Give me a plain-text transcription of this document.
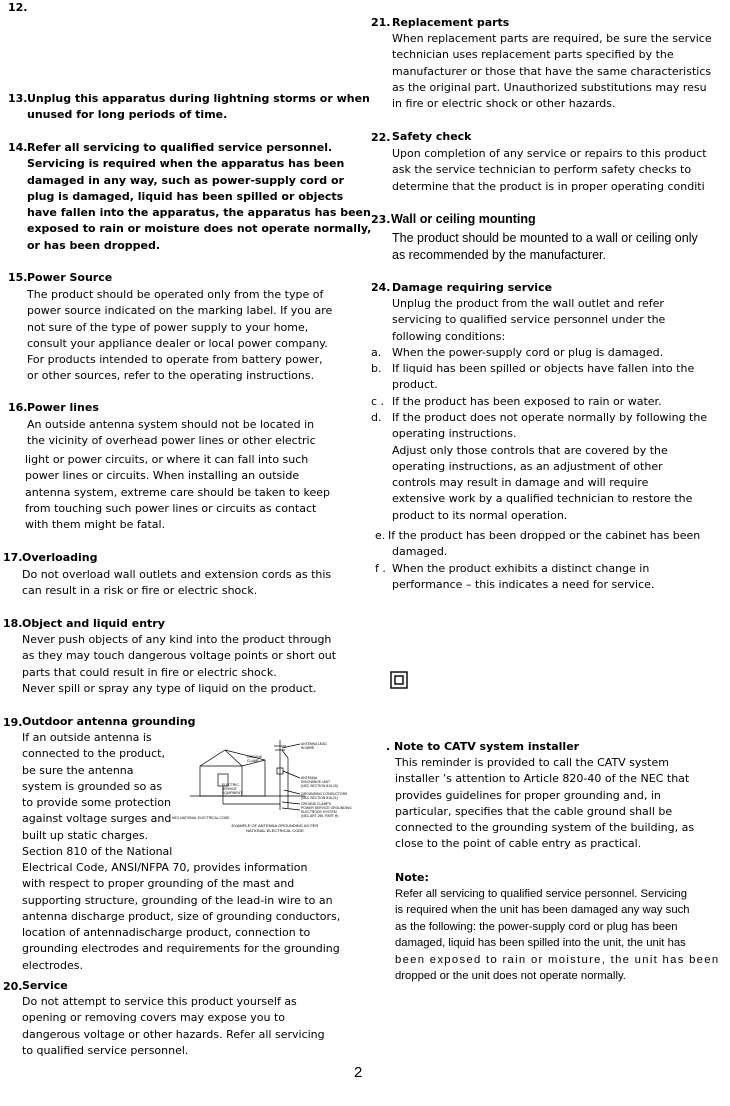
12.
13. Unplug this apparatus during lightning storms or when
unused for long periods of time.
14. Refer all servicing to qualified service personnel.
Servicing is required when the apparatus has been
damaged in any way, such as power-supply cord or
plug is damaged, liquid has been spilled or objects
have fallen into the apparatus, the apparatus has been
exposed to rain or moisture does not operate normally,
or has been dropped.
15. Power Source
The product should be operated only from the type of
power source indicated on the marking label. If you are
not sure of the type of power supply to your home,
consult your appliance dealer or local power company.
For products intended to operate from battery power,
or other sources, refer to the operating instructions.
16. Power lines
An outside antenna system should not be located in
the vicinity of overhead power lines or other electric
light or power circuits, or where it can fall into such
power lines or circuits. When installing an outside
antenna system, extreme care should be taken to keep
from touching such power lines or circuits as contact
with them might be fatal.
17. Overloading
Do not overload wall outlets and extension cords as this
can result in a risk or fire or electric shock.
18. Object and liquid entry
Never push objects of any kind into the product through
as they may touch dangerous voltage points or short out
parts that could result in fire or electric shock.
Never spill or spray any type of liquid on the product.
19. Outdoor antenna grounding
If an outside antenna is
connected to the product,
be sure the antenna
system is grounded so as
to provide some protection
against voltage surges and
built up static charges.
Section 810 of the National
Electrical Code, ANSI/NFPA 70, provides information
with respect to proper grounding of the mast and
supporting structure, grounding of the lead-in wire to an
antenna discharge product, size of grounding conductors,
location of antennadischarge product, connection to
grounding electrodes and requirements for the grounding
electrodes.
ANTENNA LEAD
IN WIRE
GROUND
CLAMP
ELECTRIC
SERVICE
EQUIPMENT
ANTENNA
DISCHARGE UNIT
(NEC SECTION 810-20)
GROUNDING CONDUCTORS
(NEC SECTION 810-21)
GROUND CLAMPS
POWER SERVICE GROUNDING
ELECTRODE SYSTEM
(NEC ART 250, PART H)
NEC-NATIONAL ELECTRICAL CODE
EXAMPLE OF ANTENNA GROUNDING AS PER
NATIONAL ELECTRICAL CODE
20. Service
Do not attempt to service this product yourself as
opening or removing covers may expose you to
dangerous voltage or other hazards. Refer all servicing
to qualified service personnel.
21. Replacement parts
When replacement parts are required, be sure the service
technician uses replacement parts specified by the
manufacturer or those that have the same characteristics
as the original part. Unauthorized substitutions may resu
in fire or electric shock or other hazards.
22. Safety check
Upon completion of any service or repairs to this product
ask the service technician to perform safety checks to
determine that the product is in proper operating conditi
23. Wall or ceiling mounting
The product should be mounted to a wall or ceiling only
as recommended by the manufacturer.
24. Damage requiring service
Unplug the product from the wall outlet and refer
servicing to qualified service personnel under the
following conditions:
a. When the power-supply cord or plug is damaged.
b. If liquid has been spilled or objects have fallen into the
product.
c . If the product has been exposed to rain or water.
d. If the product does not operate normally by following the
operating instructions.
Adjust only those controls that are covered by the
operating instructions, as an adjustment of other
controls may result in damage and will require
extensive work by a qualified technician to restore the
product to its normal operation.
e. If the product has been dropped or the cabinet has been
damaged.
f . When the product exhibits a distinct change in
performance – this indicates a need for service.
. Note to CATV system installer
This reminder is provided to call the CATV system
installer ’s attention to Article 820-40 of the NEC that
provides guidelines for proper grounding and, in
particular, specifies that the cable ground shall be
connected to the grounding system of the building, as
close to the point of cable entry as practical.
Note:
Refer all servicing to qualified service personnel. Servicing
is required when the unit has been damaged any way such
as the following: the power-supply cord or plug has been
damaged, liquid has been spilled into the unit, the unit has
been exposed to rain or moisture, the unit has been
dropped or the unit does not operate normally.
2
